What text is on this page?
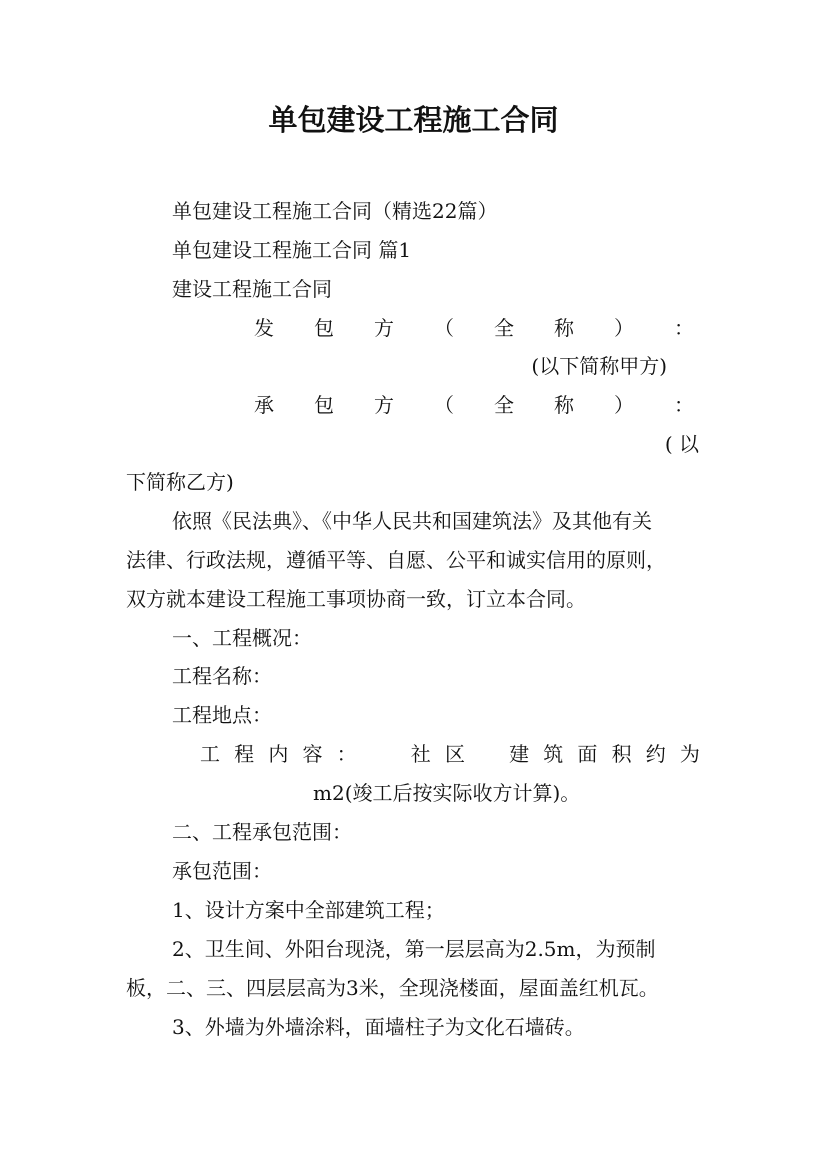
单包建设工程施工合同

单包建设工程施工合同（精选22篇）

单包建设工程施工合同 篇1

建设工程施工合同

发 包 方 （ 全 称 ） ：

(以下简称甲方)

承 包 方 （ 全 称 ） ：

( 以

下简称乙方)

依照《民法典》、《中华人民共和国建筑法》及其他有关

法律、行政法规，遵循平等、自愿、公平和诚实信用的原则，

双方就本建设工程施工事项协商一致，订立本合同。

一、工程概况：

工程名称：

工程地点：

工 程 内 容 ：	社 区 建 筑 面 积 约 为

m2(竣工后按实际收方计算)。

二、工程承包范围：

承包范围：

1、设计方案中全部建筑工程；

2、卫生间、外阳台现浇，第一层层高为2.5m，为预制

板，二、三、四层层高为3米，全现浇楼面，屋面盖红机瓦。

3、外墙为外墙涂料，面墙柱子为文化石墙砖。
